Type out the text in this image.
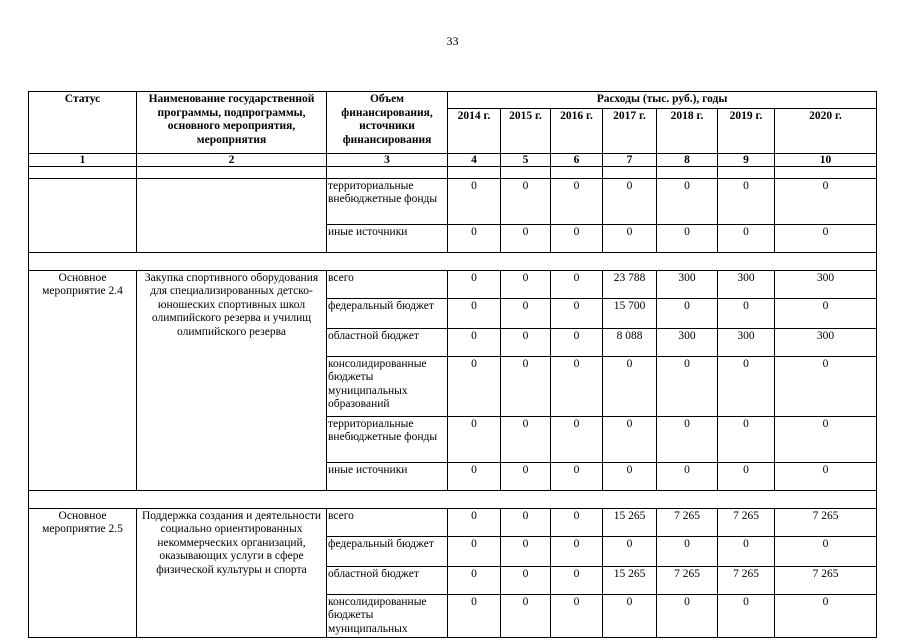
33
Статус	Наименование государственной программы, подпрограммы, основного мероприятия, мероприятия	Объем финансирования, источники финансирования	Расходы (тыс. руб.), годы						
			2014 г.	2015 г.	2016 г.	2017 г.	2018 г.	2019 г.	2020 г.
1	2	3	4	5	6	7	8	9	10

		территориальные внебюджетные фонды	0	0	0	0	0	0	0
		иные источники	0	0	0	0	0	0	0

Основное мероприятие 2.4	Закупка спортивного оборудования для специализированных детско-юношеских спортивных школ олимпийского резерва и училищ олимпийского резерва	всего	0	0	0	23 788	300	300	300
		федеральный бюджет	0	0	0	15 700	0	0	0
		областной бюджет	0	0	0	8 088	300	300	300
		консолидированные бюджеты муниципальных образований	0	0	0	0	0	0	0
		территориальные внебюджетные фонды	0	0	0	0	0	0	0
		иные источники	0	0	0	0	0	0	0

Основное мероприятие 2.5	Поддержка создания и деятельности социально ориентированных некоммерческих организаций, оказывающих услуги в сфере физической культуры и спорта	всего	0	0	0	15 265	7 265	7 265	7 265
		федеральный бюджет	0	0	0	0	0	0	0
		областной бюджет	0	0	0	15 265	7 265	7 265	7 265
		консолидированные бюджеты муниципальных	0	0	0	0	0	0	0
